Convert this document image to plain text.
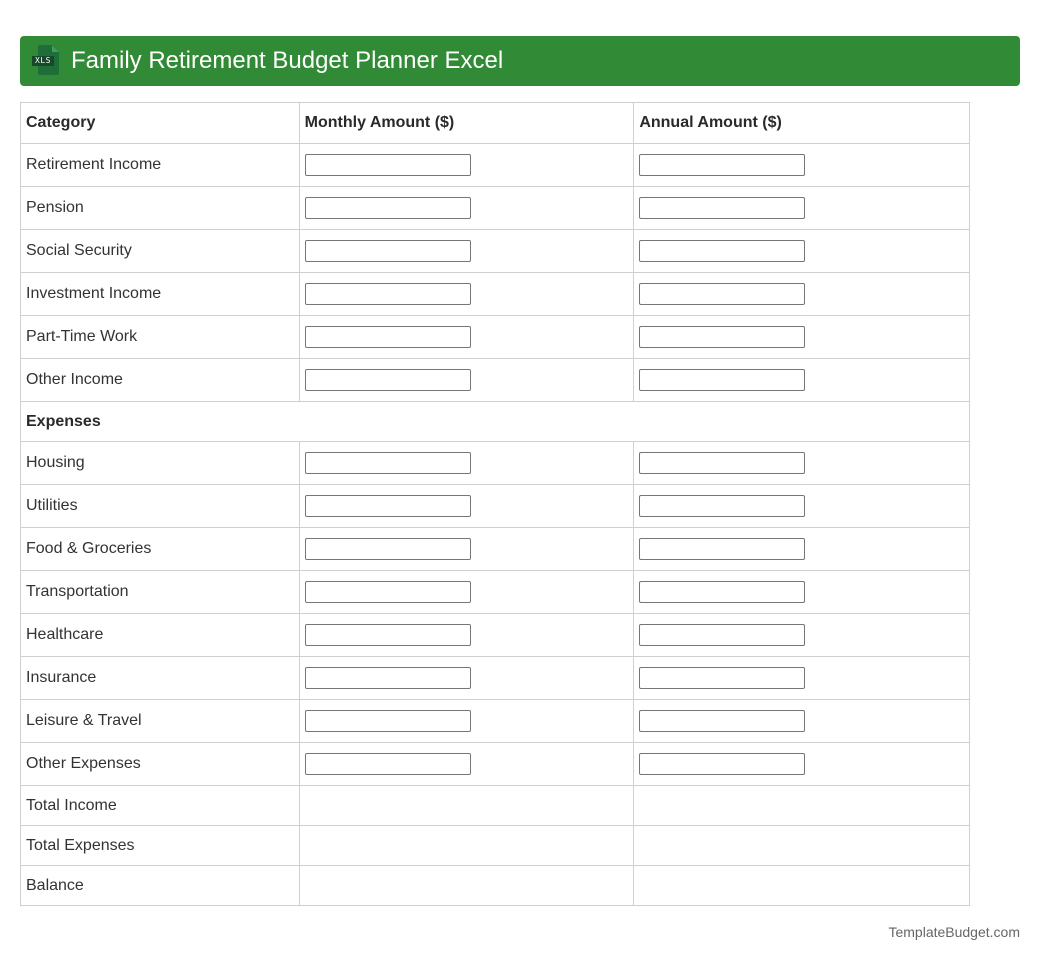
XLS Family Retirement Budget Planner Excel
Category	Monthly Amount ($)	Annual Amount ($)
Retirement Income		
Pension		
Social Security		
Investment Income		
Part-Time Work		
Other Income		
Expenses		
Housing		
Utilities		
Food & Groceries		
Transportation		
Healthcare		
Insurance		
Leisure & Travel		
Other Expenses		
Total Income		
Total Expenses		
Balance		
TemplateBudget.com
